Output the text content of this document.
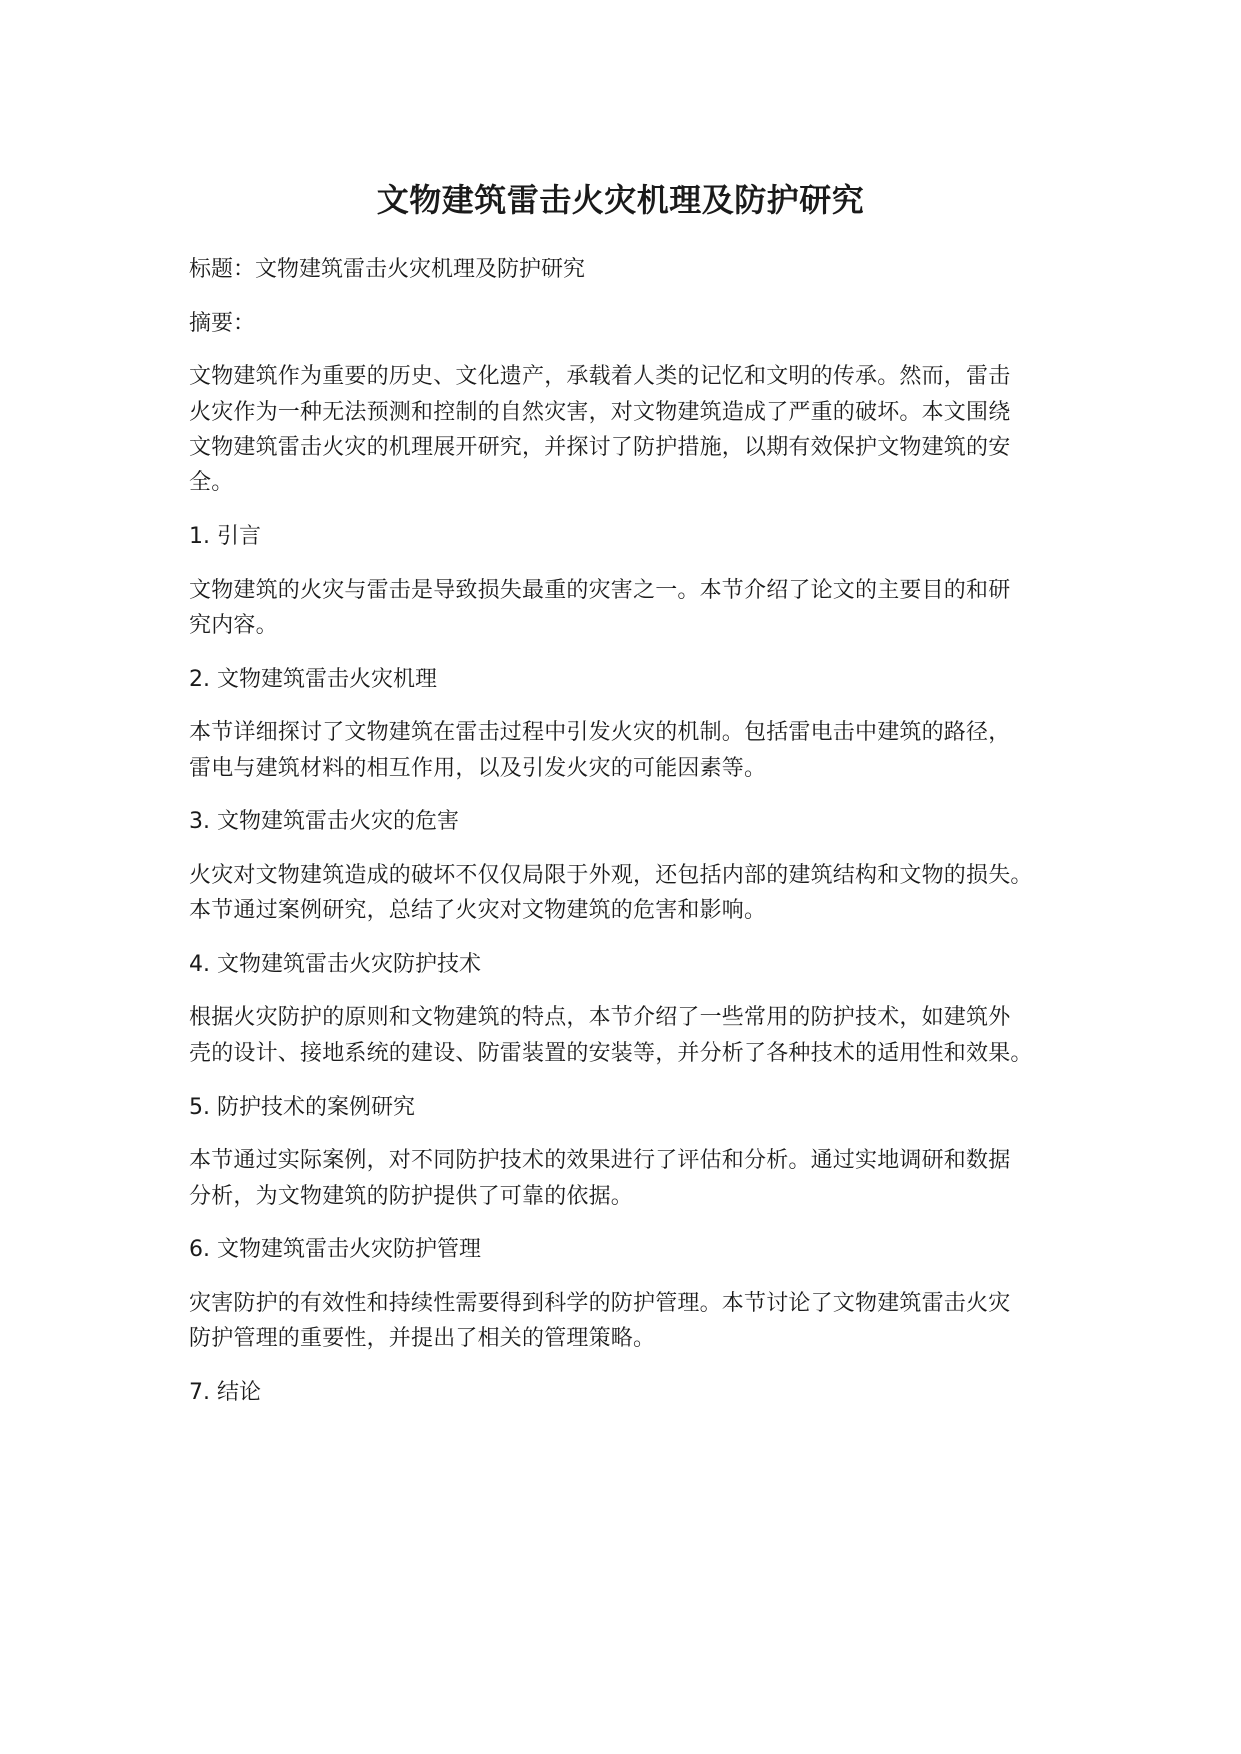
文物建筑雷击火灾机理及防护研究
标题：文物建筑雷击火灾机理及防护研究
摘要：
文物建筑作为重要的历史、文化遗产，承载着人类的记忆和文明的传承。然而，雷击
火灾作为一种无法预测和控制的自然灾害，对文物建筑造成了严重的破坏。本文围绕
文物建筑雷击火灾的机理展开研究，并探讨了防护措施，以期有效保护文物建筑的安
全。
1. 引言
文物建筑的火灾与雷击是导致损失最重的灾害之一。本节介绍了论文的主要目的和研
究内容。
2. 文物建筑雷击火灾机理
本节详细探讨了文物建筑在雷击过程中引发火灾的机制。包括雷电击中建筑的路径，
雷电与建筑材料的相互作用，以及引发火灾的可能因素等。
3. 文物建筑雷击火灾的危害
火灾对文物建筑造成的破坏不仅仅局限于外观，还包括内部的建筑结构和文物的损失。
本节通过案例研究，总结了火灾对文物建筑的危害和影响。
4. 文物建筑雷击火灾防护技术
根据火灾防护的原则和文物建筑的特点，本节介绍了一些常用的防护技术，如建筑外
壳的设计、接地系统的建设、防雷装置的安装等，并分析了各种技术的适用性和效果。
5. 防护技术的案例研究
本节通过实际案例，对不同防护技术的效果进行了评估和分析。通过实地调研和数据
分析，为文物建筑的防护提供了可靠的依据。
6. 文物建筑雷击火灾防护管理
灾害防护的有效性和持续性需要得到科学的防护管理。本节讨论了文物建筑雷击火灾
防护管理的重要性，并提出了相关的管理策略。
7. 结论
